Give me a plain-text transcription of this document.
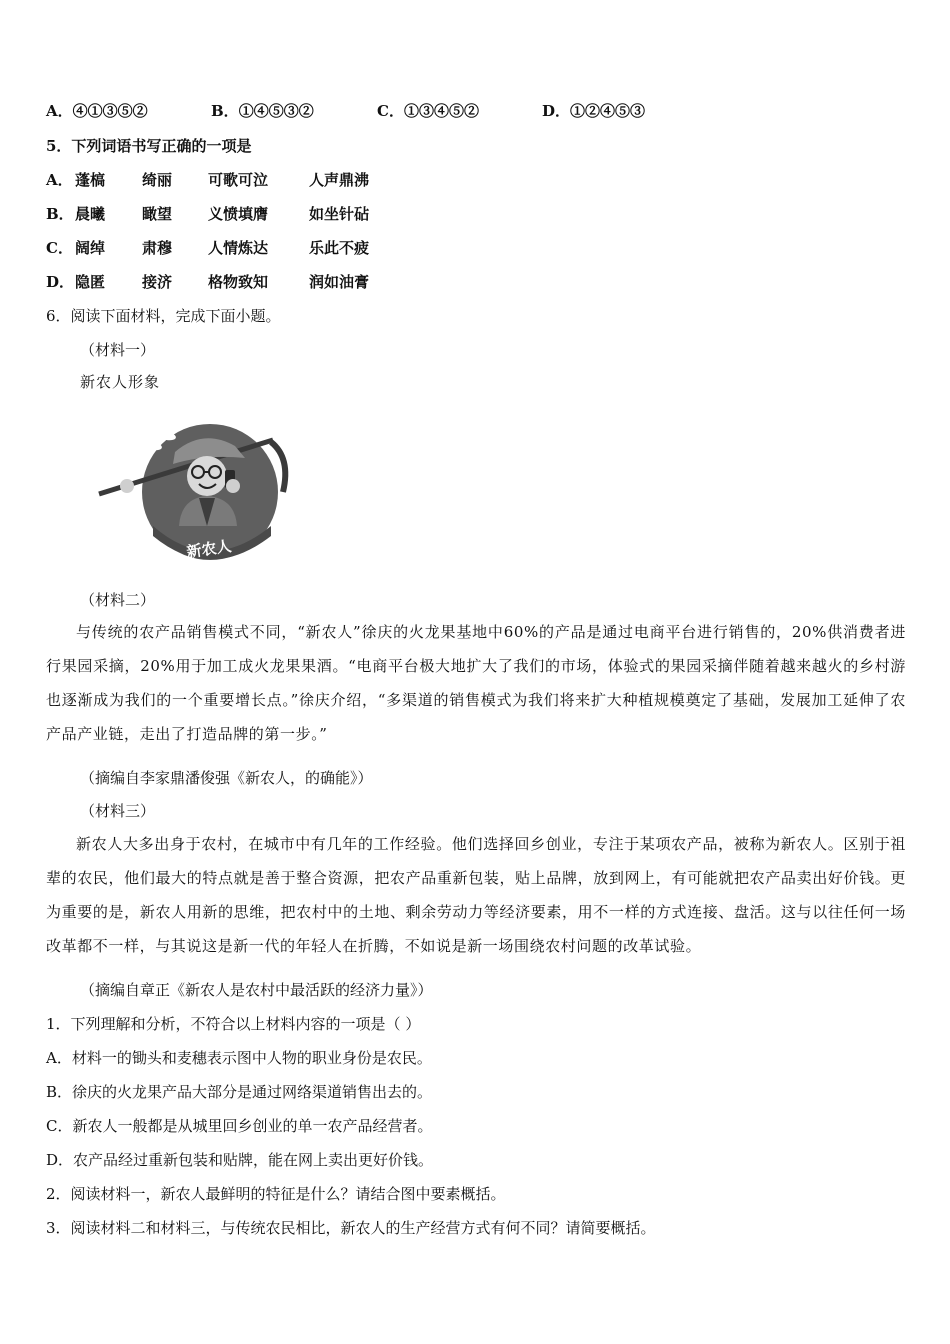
A．④①③⑤②	B．①④⑤③②	C．①③④⑤②	D．①②④⑤③
5．下列词语书写正确的一项是
A． 蓬槁 绮丽 可歌可泣	人声鼎沸
B． 晨曦 瞰望 义愤填膺	如坐针砧
C． 阔绰 肃穆 人情炼达	乐此不疲
D． 隐匿 接济 格物致知	润如油膏
6．阅读下面材料，完成下面小题。
（材料一）
新农人形象
新农人
（材料二）
与传统的农产品销售模式不同，“新农人”徐庆的火龙果基地中60%的产品是通过电商平台进行销售的，20%供消费者进行果园采摘，20%用于加工成火龙果果酒。“电商平台极大地扩大了我们的市场，体验式的果园采摘伴随着越来越火的乡村游也逐渐成为我们的一个重要增长点。”徐庆介绍，“多渠道的销售模式为我们将来扩大种植规模奠定了基础，发展加工延伸了农产品产业链，走出了打造品牌的第一步。”
（摘编自李家鼎潘俊强《新农人，的确能》）
（材料三）
新农人大多出身于农村，在城市中有几年的工作经验。他们选择回乡创业，专注于某项农产品，被称为新农人。区别于祖辈的农民，他们最大的特点就是善于整合资源，把农产品重新包装，贴上品牌，放到网上，有可能就把农产品卖出好价钱。更为重要的是，新农人用新的思维，把农村中的土地、剩余劳动力等经济要素，用不一样的方式连接、盘活。这与以往任何一场改革都不一样，与其说这是新一代的年轻人在折腾，不如说是新一场围绕农村问题的改革试验。
（摘编自章正《新农人是农村中最活跃的经济力量》）
1．下列理解和分析，不符合以上材料内容的一项是（ ）
A．材料一的锄头和麦穗表示图中人物的职业身份是农民。
B．徐庆的火龙果产品大部分是通过网络渠道销售出去的。
C．新农人一般都是从城里回乡创业的单一农产品经营者。
D．农产品经过重新包装和贴牌，能在网上卖出更好价钱。
2．阅读材料一，新农人最鲜明的特征是什么？请结合图中要素概括。
3．阅读材料二和材料三，与传统农民相比，新农人的生产经营方式有何不同？请简要概括。
